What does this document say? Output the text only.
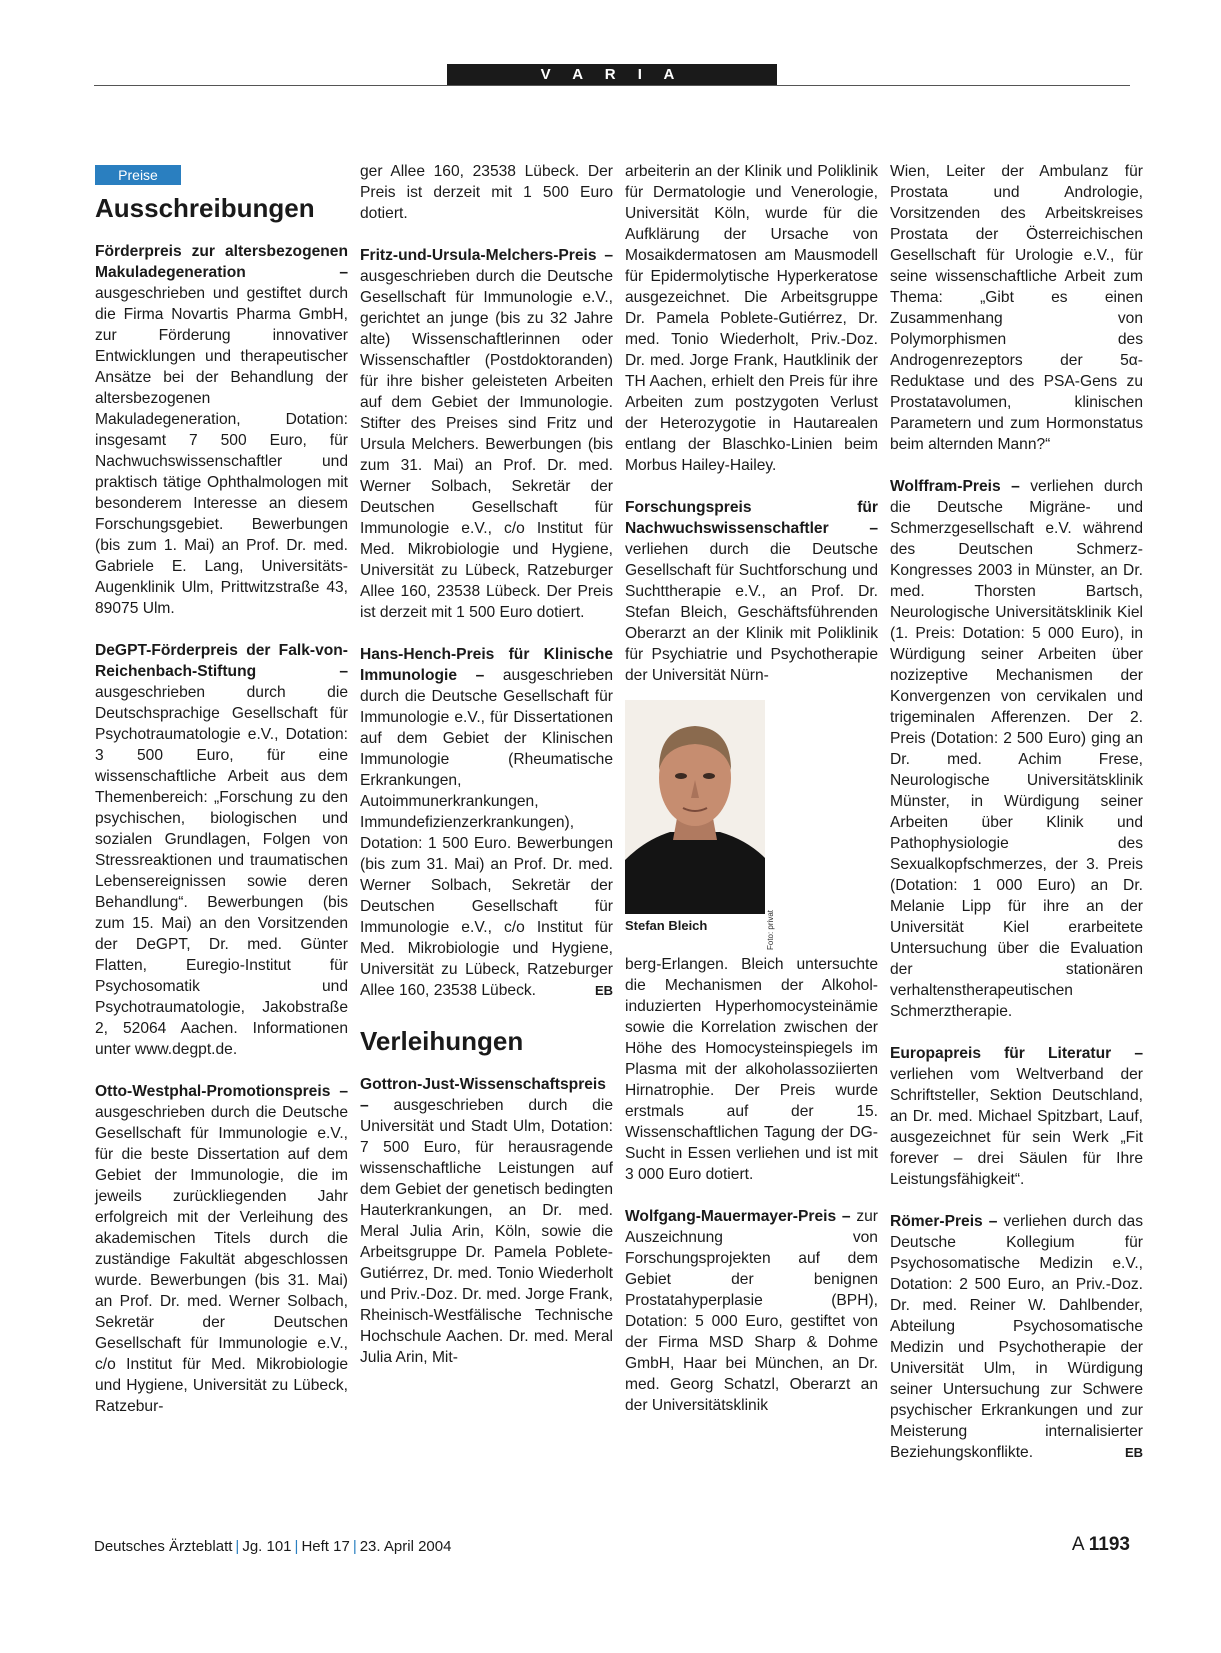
V A R I A
Preise
Ausschreibungen

Förderpreis zur altersbezogenen Makuladegeneration – ausgeschrieben und gestiftet durch die Firma Novartis Pharma GmbH, zur Förderung innovativer Entwicklungen und therapeutischer Ansätze bei der Behandlung der altersbezogenen Makuladegeneration, Dotation: insgesamt 7 500 Euro, für Nachwuchswissenschaftler und praktisch tätige Ophthalmologen mit besonderem Interesse an diesem Forschungsgebiet. Bewerbungen (bis zum 1. Mai) an Prof. Dr. med. Gabriele E. Lang, Universitäts-Augenklinik Ulm, Prittwitzstraße 43, 89075 Ulm.

DeGPT-Förderpreis der Falk-von-Reichenbach-Stiftung – ausgeschrieben durch die Deutschsprachige Gesellschaft für Psychotraumatologie e.V., Dotation: 3 500 Euro, für eine wissenschaftliche Arbeit aus dem Themenbereich: „Forschung zu den psychischen, biologischen und sozialen Grundlagen, Folgen von Stressreaktionen und traumatischen Lebensereignissen sowie deren Behandlung“. Bewerbungen (bis zum 15. Mai) an den Vorsitzenden der DeGPT, Dr. med. Günter Flatten, Euregio-Institut für Psychosomatik und Psychotraumatologie, Jakobstraße 2, 52064 Aachen. Informationen unter www.degpt.de.

Otto-Westphal-Promotionspreis – ausgeschrieben durch die Deutsche Gesellschaft für Immunologie e.V., für die beste Dissertation auf dem Gebiet der Immunologie, die im jeweils zurückliegenden Jahr erfolgreich mit der Verleihung des akademischen Titels durch die zuständige Fakultät abgeschlossen wurde. Bewerbungen (bis 31. Mai) an Prof. Dr. med. Werner Solbach, Sekretär der Deutschen Gesellschaft für Immunologie e.V., c/o Institut für Med. Mikrobiologie und Hygiene, Universität zu Lübeck, Ratzebur-

ger Allee 160, 23538 Lübeck. Der Preis ist derzeit mit 1 500 Euro dotiert.

Fritz-und-Ursula-Melchers-Preis – ausgeschrieben durch die Deutsche Gesellschaft für Immunologie e.V., gerichtet an junge (bis zu 32 Jahre alte) Wissenschaftlerinnen oder Wissenschaftler (Postdoktoranden) für ihre bisher geleisteten Arbeiten auf dem Gebiet der Immunologie. Stifter des Preises sind Fritz und Ursula Melchers. Bewerbungen (bis zum 31. Mai) an Prof. Dr. med. Werner Solbach, Sekretär der Deutschen Gesellschaft für Immunologie e.V., c/o Institut für Med. Mikrobiologie und Hygiene, Universität zu Lübeck, Ratzeburger Allee 160, 23538 Lübeck. Der Preis ist derzeit mit 1 500 Euro dotiert.

Hans-Hench-Preis für Klinische Immunologie – ausgeschrieben durch die Deutsche Gesellschaft für Immunologie e.V., für Dissertationen auf dem Gebiet der Klinischen Immunologie (Rheumatische Erkrankungen, Autoimmunerkrankungen, Immundefizienzerkrankungen), Dotation: 1 500 Euro. Bewerbungen (bis zum 31. Mai) an Prof. Dr. med. Werner Solbach, Sekretär der Deutschen Gesellschaft für Immunologie e.V., c/o Institut für Med. Mikrobiologie und Hygiene, Universität zu Lübeck, Ratzeburger Allee 160, 23538 Lübeck.	EB

Verleihungen

Gottron-Just-Wissenschaftspreis – ausgeschrieben durch die Universität und Stadt Ulm, Dotation: 7 500 Euro, für herausragende wissenschaftliche Leistungen auf dem Gebiet der genetisch bedingten Hauterkrankungen, an Dr. med. Meral Julia Arin, Köln, sowie die Arbeitsgruppe Dr. Pamela Poblete-Gutiérrez, Dr. med. Tonio Wiederholt und Priv.-Doz. Dr. med. Jorge Frank, Rheinisch-Westfälische Technische Hochschule Aachen. Dr. med. Meral Julia Arin, Mit-

arbeiterin an der Klinik und Poliklinik für Dermatologie und Venerologie, Universität Köln, wurde für die Aufklärung der Ursache von Mosaikdermatosen am Mausmodell für Epidermolytische Hyperkeratose ausgezeichnet. Die Arbeitsgruppe Dr. Pamela Poblete-Gutiérrez, Dr. med. Tonio Wiederholt, Priv.-Doz. Dr. med. Jorge Frank, Hautklinik der TH Aachen, erhielt den Preis für ihre Arbeiten zum postzygoten Verlust der Heterozygotie in Hautarealen entlang der Blaschko-Linien beim Morbus Hailey-Hailey.

Forschungspreis für Nachwuchswissenschaftler – verliehen durch die Deutsche Gesellschaft für Suchtforschung und Suchttherapie e.V., an Prof. Dr. Stefan Bleich, Geschäftsführenden Oberarzt an der Klinik mit Poliklinik für Psychiatrie und Psychotherapie der Universität Nürn-

Foto: privat
Stefan Bleich

berg-Erlangen. Bleich untersuchte die Mechanismen der Alkohol-induzierten Hyperhomocysteinämie sowie die Korrelation zwischen der Höhe des Homocysteinspiegels im Plasma mit der alkoholassoziierten Hirnatrophie. Der Preis wurde erstmals auf der 15. Wissenschaftlichen Tagung der DG-Sucht in Essen verliehen und ist mit 3 000 Euro dotiert.

Wolfgang-Mauermayer-Preis – zur Auszeichnung von Forschungsprojekten auf dem Gebiet der benignen Prostatahyperplasie (BPH), Dotation: 5 000 Euro, gestiftet von der Firma MSD Sharp & Dohme GmbH, Haar bei München, an Dr. med. Georg Schatzl, Oberarzt an der Universitätsklinik

Wien, Leiter der Ambulanz für Prostata und Andrologie, Vorsitzenden des Arbeitskreises Prostata der Österreichischen Gesellschaft für Urologie e.V., für seine wissenschaftliche Arbeit zum Thema: „Gibt es einen Zusammenhang von Polymorphismen des Androgenrezeptors der 5α-Reduktase und des PSA-Gens zu Prostatavolumen, klinischen Parametern und zum Hormonstatus beim alternden Mann?“

Wolffram-Preis – verliehen durch die Deutsche Migräne- und Schmerzgesellschaft e.V. während des Deutschen Schmerz-Kongresses 2003 in Münster, an Dr. med. Thorsten Bartsch, Neurologische Universitätsklinik Kiel (1. Preis: Dotation: 5 000 Euro), in Würdigung seiner Arbeiten über nozizeptive Mechanismen der Konvergenzen von cervikalen und trigeminalen Afferenzen. Der 2. Preis (Dotation: 2 500 Euro) ging an Dr. med. Achim Frese, Neurologische Universitätsklinik Münster, in Würdigung seiner Arbeiten über Klinik und Pathophysiologie des Sexualkopfschmerzes, der 3. Preis (Dotation: 1 000 Euro) an Dr. Melanie Lipp für ihre an der Universität Kiel erarbeitete Untersuchung über die Evaluation der stationären verhaltenstherapeutischen Schmerztherapie.

Europapreis für Literatur – verliehen vom Weltverband der Schriftsteller, Sektion Deutschland, an Dr. med. Michael Spitzbart, Lauf, ausgezeichnet für sein Werk „Fit forever – drei Säulen für Ihre Leistungsfähigkeit“.

Römer-Preis – verliehen durch das Deutsche Kollegium für Psychosomatische Medizin e.V., Dotation: 2 500 Euro, an Priv.-Doz. Dr. med. Reiner W. Dahlbender, Abteilung Psychosomatische Medizin und Psychotherapie der Universität Ulm, in Würdigung seiner Untersuchung zur Schwere psychischer Erkrankungen und zur Meisterung internalisierter Beziehungskonflikte.	EB

Deutsches Ärzteblatt | Jg. 101 | Heft 17 | 23. April 2004	A 1193
